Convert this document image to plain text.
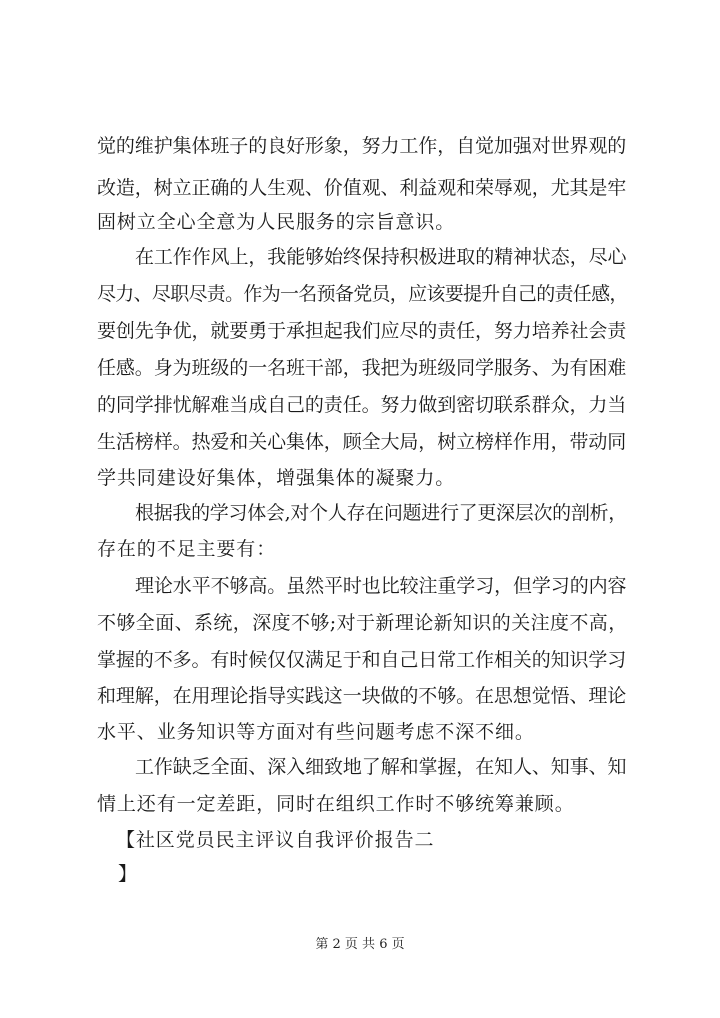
觉的维护集体班子的良好形象，努力工作，自觉加强对世界观的
改造，树立正确的人生观、价值观、利益观和荣辱观，尤其是牢
固树立全心全意为人民服务的宗旨意识。
在工作作风上，我能够始终保持积极进取的精神状态，尽心
尽力、尽职尽责。作为一名预备党员，应该要提升自己的责任感，
要创先争优，就要勇于承担起我们应尽的责任，努力培养社会责
任感。身为班级的一名班干部，我把为班级同学服务、为有困难
的同学排忧解难当成自己的责任。努力做到密切联系群众，力当
生活榜样。热爱和关心集体，顾全大局，树立榜样作用，带动同
学共同建设好集体，增强集体的凝聚力。
根据我的学习体会,对个人存在问题进行了更深层次的剖析，
存在的不足主要有：
理论水平不够高。虽然平时也比较注重学习，但学习的内容
不够全面、系统，深度不够;对于新理论新知识的关注度不高，
掌握的不多。有时候仅仅满足于和自己日常工作相关的知识学习
和理解，在用理论指导实践这一块做的不够。在思想觉悟、理论
水平、业务知识等方面对有些问题考虑不深不细。
工作缺乏全面、深入细致地了解和掌握，在知人、知事、知
情上还有一定差距，同时在组织工作时不够统筹兼顾。
【社区党员民主评议自我评价报告二
】
第 2 页 共 6 页
